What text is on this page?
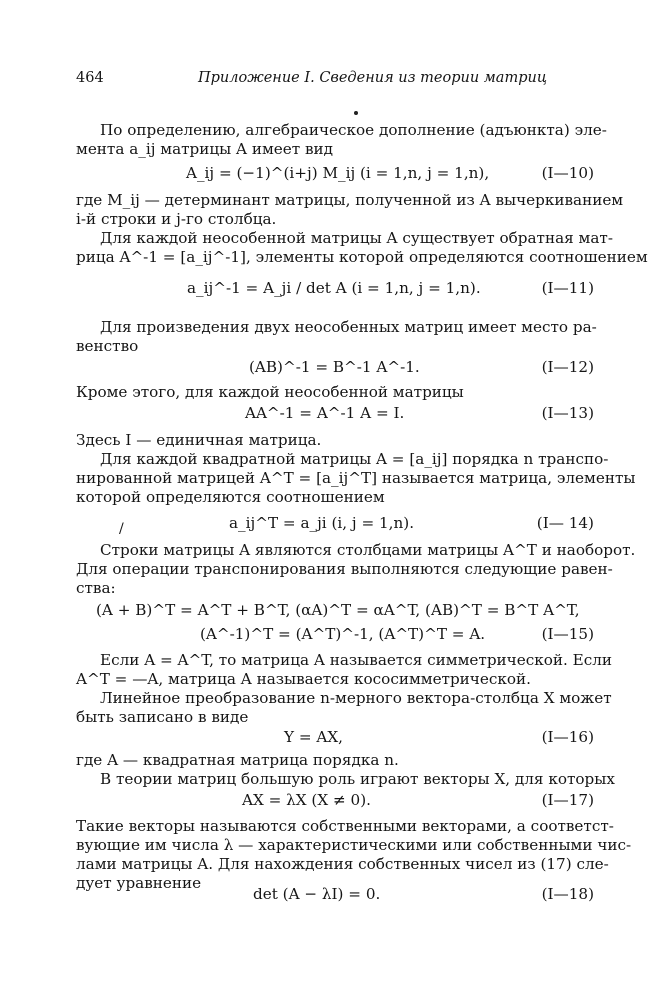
464	Приложение I. Сведения из теории матриц
По определению, алгебраическое дополнение (адъюнкта) эле-
мента a_ij матрицы A имеет вид
A_ij = (−1)^(i+j) M_ij (i = 1,n, j = 1,n),	(I—10)
где M_ij — детерминант матрицы, полученной из A вычеркиванием
i-й строки и j-го столбца.
Для каждой неособенной матрицы A существует обратная мат-
рица A^-1 = [a_ij^-1], элементы которой определяются соотношением
a_ij^-1 = A_ji / det A (i = 1,n, j = 1,n).	(I—11)
Для произведения двух неособенных матриц имеет место ра-
венство
(AB)^-1 = B^-1 A^-1.	(I—12)
Кроме этого, для каждой неособенной матрицы
AA^-1 = A^-1 A = I.	(I—13)
Здесь I — единичная матрица.
Для каждой квадратной матрицы A = [a_ij] порядка n транспо-
нированной матрицей A^T = [a_ij^T] называется матрица, элементы
которой определяются соотношением
/	a_ij^T = a_ji (i, j = 1,n).	(I— 14)
Строки матрицы A являются столбцами матрицы A^T и наоборот.
Для операции транспонирования выполняются следующие равен-
ства:
(A + B)^T = A^T + B^T, (αA)^T = αA^T, (AB)^T = B^T A^T,
(A^-1)^T = (A^T)^-1, (A^T)^T = A.	(I—15)
Если A = A^T, то матрица A называется симметрической. Если
A^T = —A, матрица A называется кососимметрической.
Линейное преобразование n-мерного вектора-столбца X может
быть записано в виде
Y = AX,	(I—16)
где A — квадратная матрица порядка n.
В теории матриц большую роль играют векторы X, для которых
AX = λX (X ≠ 0).	(I—17)
Такие векторы называются собственными векторами, а соответст-
вующие им числа λ — характеристическими или собственными чис-
лами матрицы A. Для нахождения собственных чисел из (17) сле-
дует уравнение
det (A − λI) = 0.	(I—18)
